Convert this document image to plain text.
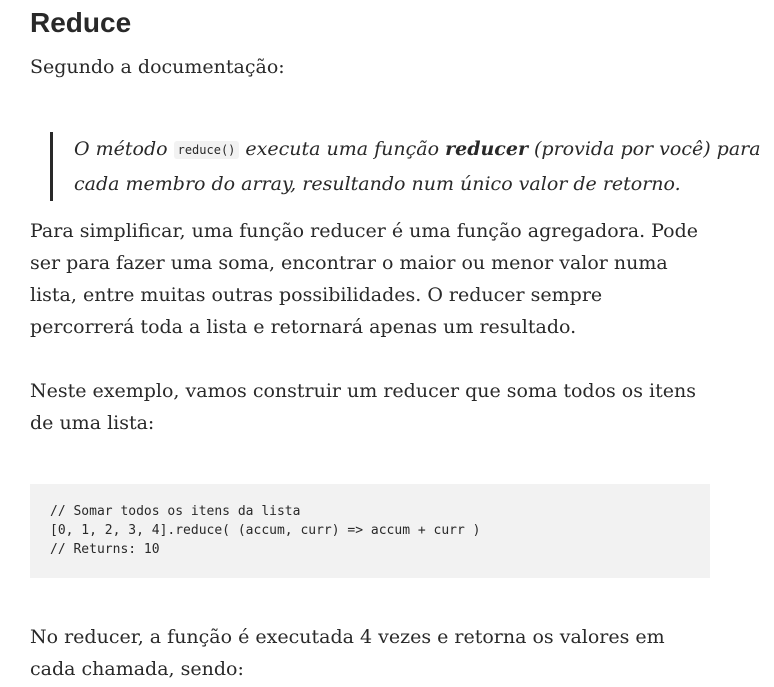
Reduce

Segundo a documentação:

O método reduce() executa uma função reducer (provida por você) para cada membro do array, resultando num único valor de retorno.

Para simplificar, uma função reducer é uma função agregadora. Pode ser para fazer uma soma, encontrar o maior ou menor valor numa lista, entre muitas outras possibilidades. O reducer sempre percorrerá toda a lista e retornará apenas um resultado.

Neste exemplo, vamos construir um reducer que soma todos os itens de uma lista:

// Somar todos os itens da lista
[0, 1, 2, 3, 4].reduce( (accum, curr) => accum + curr )
// Returns: 10

No reducer, a função é executada 4 vezes e retorna os valores em cada chamada, sendo:
